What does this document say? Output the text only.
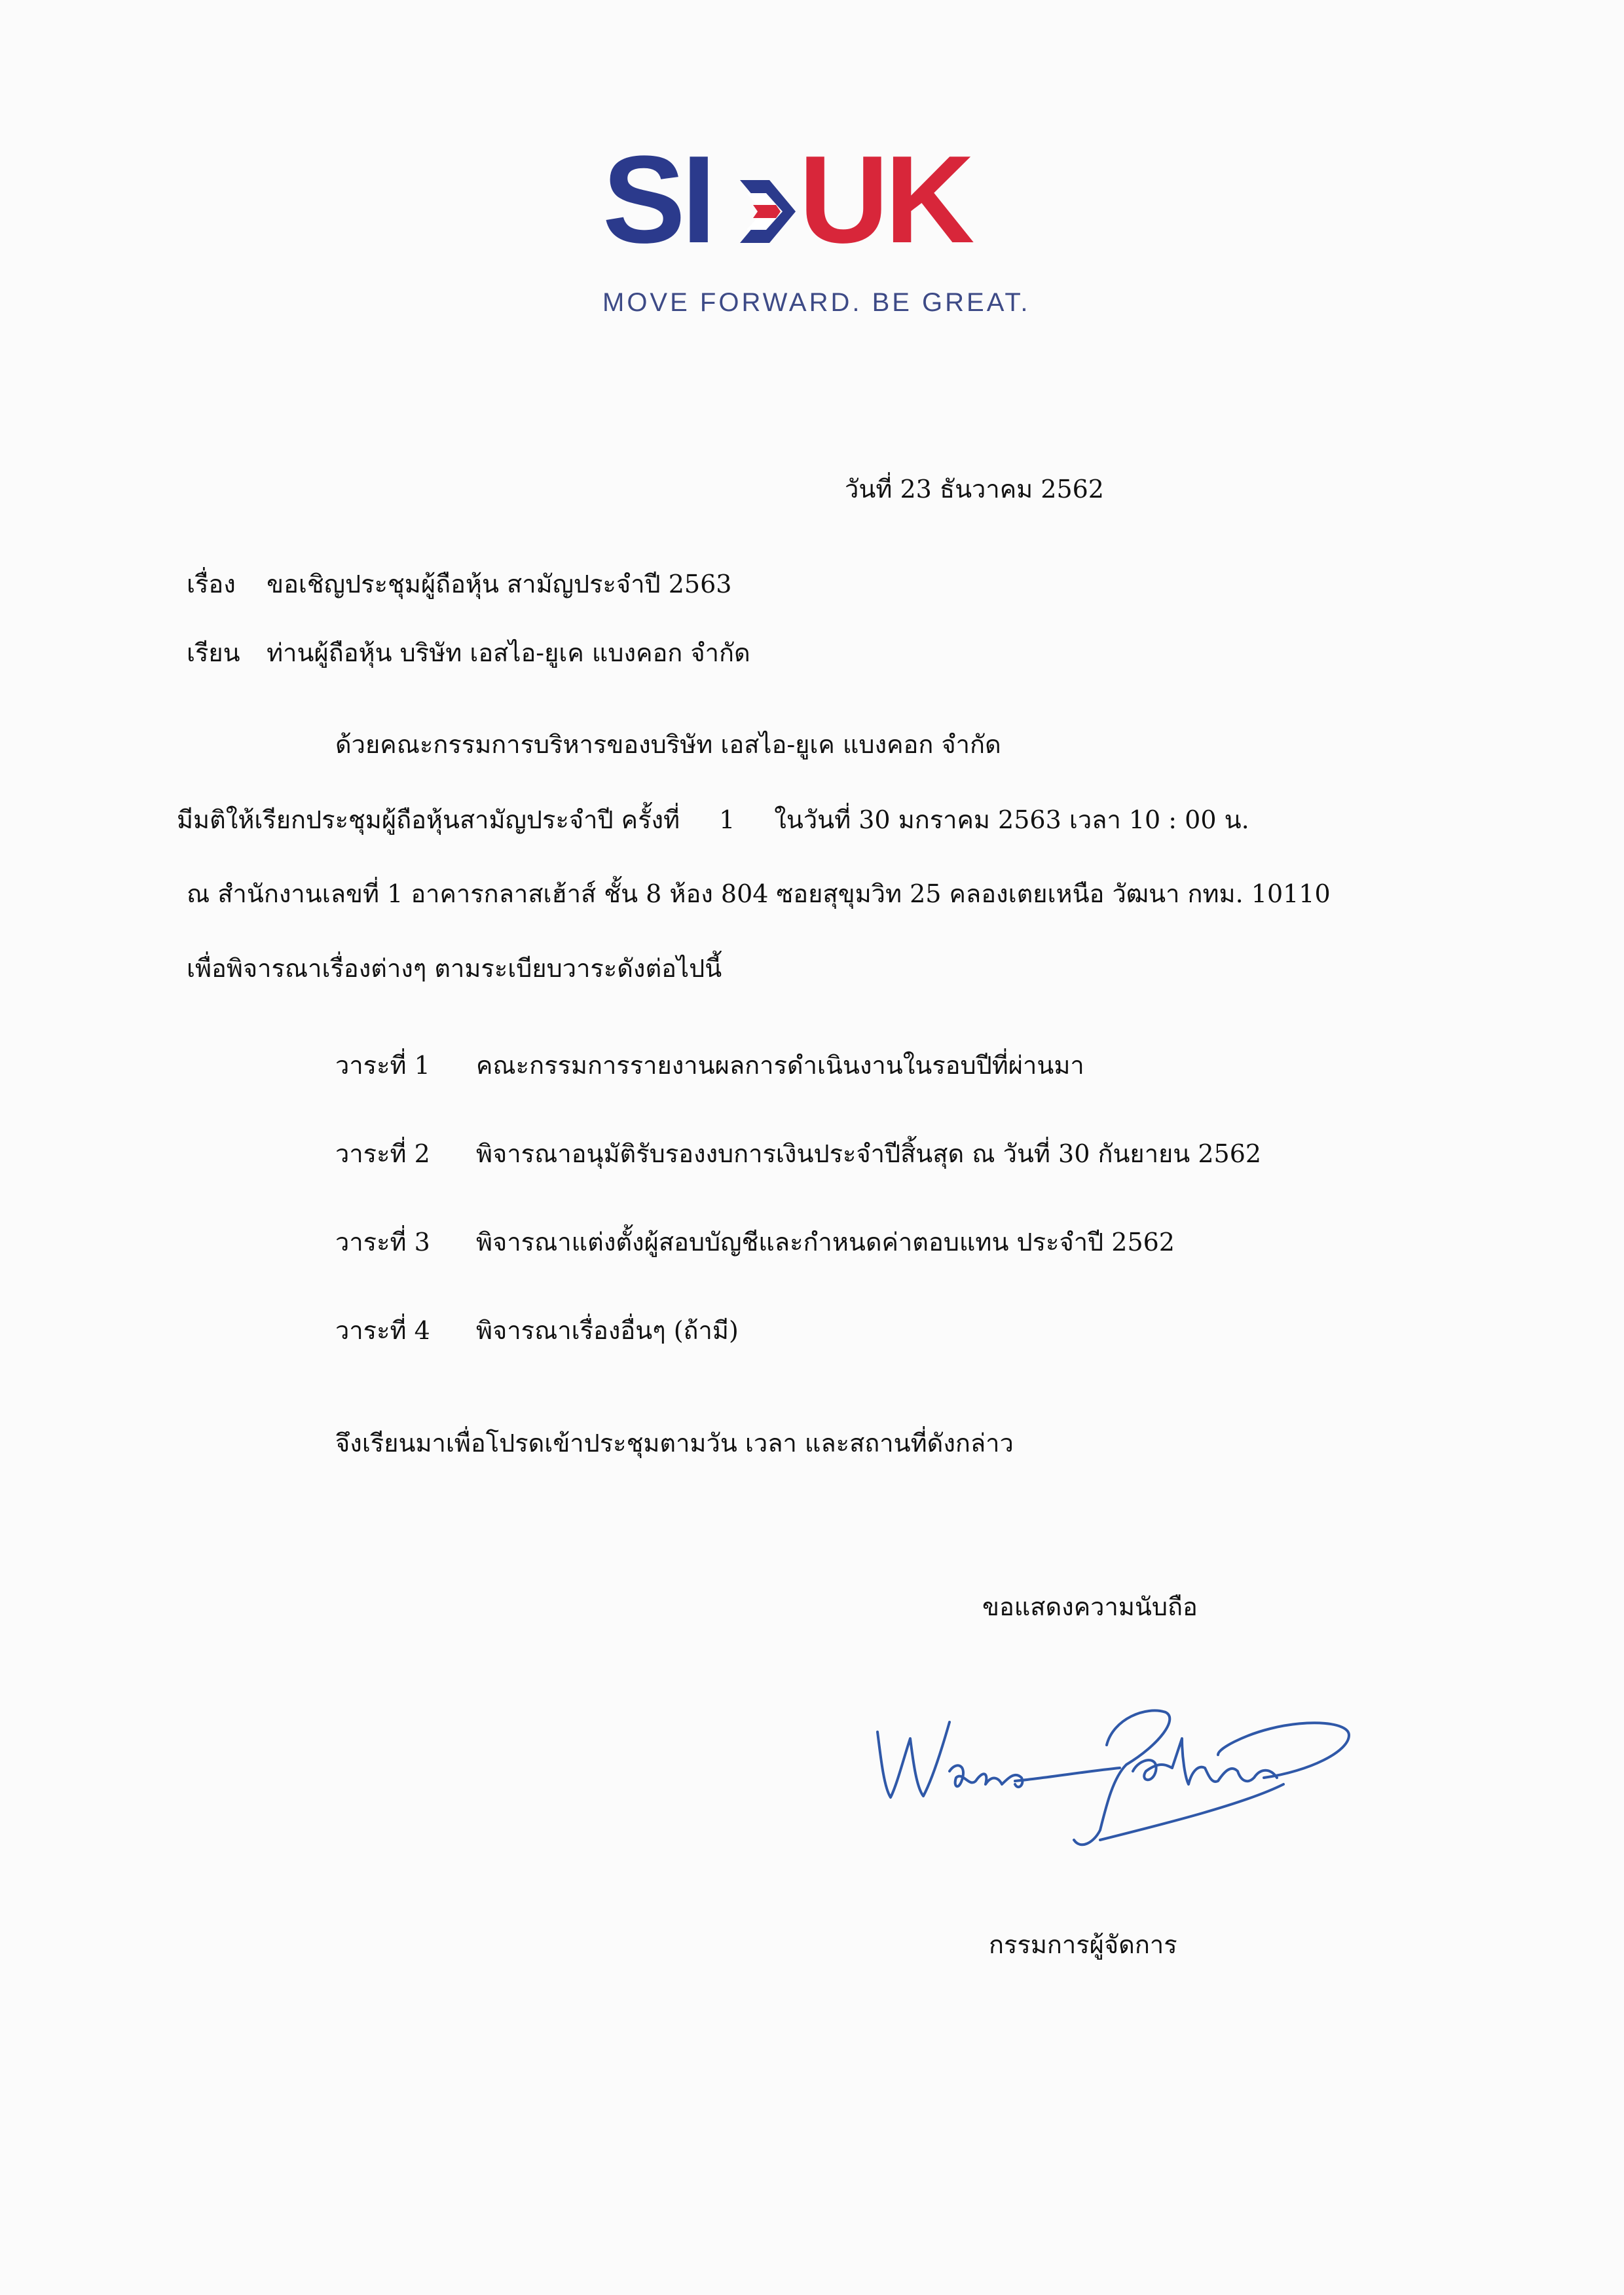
SI UK
MOVE FORWARD. BE GREAT.
วันที่ 23 ธันวาคม 2562
เรื่อง ขอเชิญประชุมผู้ถือหุ้น สามัญประจำปี 2563
เรียน ท่านผู้ถือหุ้น บริษัท เอสไอ-ยูเค แบงคอก จำกัด
ด้วยคณะกรรมการบริหารของบริษัท เอสไอ-ยูเค แบงคอก จำกัด
มีมติให้เรียกประชุมผู้ถือหุ้นสามัญประจำปี ครั้งที่ 1 ในวันที่ 30 มกราคม 2563 เวลา 10 : 00 น.
ณ สำนักงานเลขที่ 1 อาคารกลาสเฮ้าส์ ชั้น 8 ห้อง 804 ซอยสุขุมวิท 25 คลองเตยเหนือ วัฒนา กทม. 10110
เพื่อพิจารณาเรื่องต่างๆ ตามระเบียบวาระดังต่อไปนี้
วาระที่ 1 คณะกรรมการรายงานผลการดำเนินงานในรอบปีที่ผ่านมา
วาระที่ 2 พิจารณาอนุมัติรับรองงบการเงินประจำปีสิ้นสุด ณ วันที่ 30 กันยายน 2562
วาระที่ 3 พิจารณาแต่งตั้งผู้สอบบัญชีและกำหนดค่าตอบแทน ประจำปี 2562
วาระที่ 4 พิจารณาเรื่องอื่นๆ (ถ้ามี)
จึงเรียนมาเพื่อโปรดเข้าประชุมตามวัน เวลา และสถานที่ดังกล่าว
ขอแสดงความนับถือ
กรรมการผู้จัดการ
